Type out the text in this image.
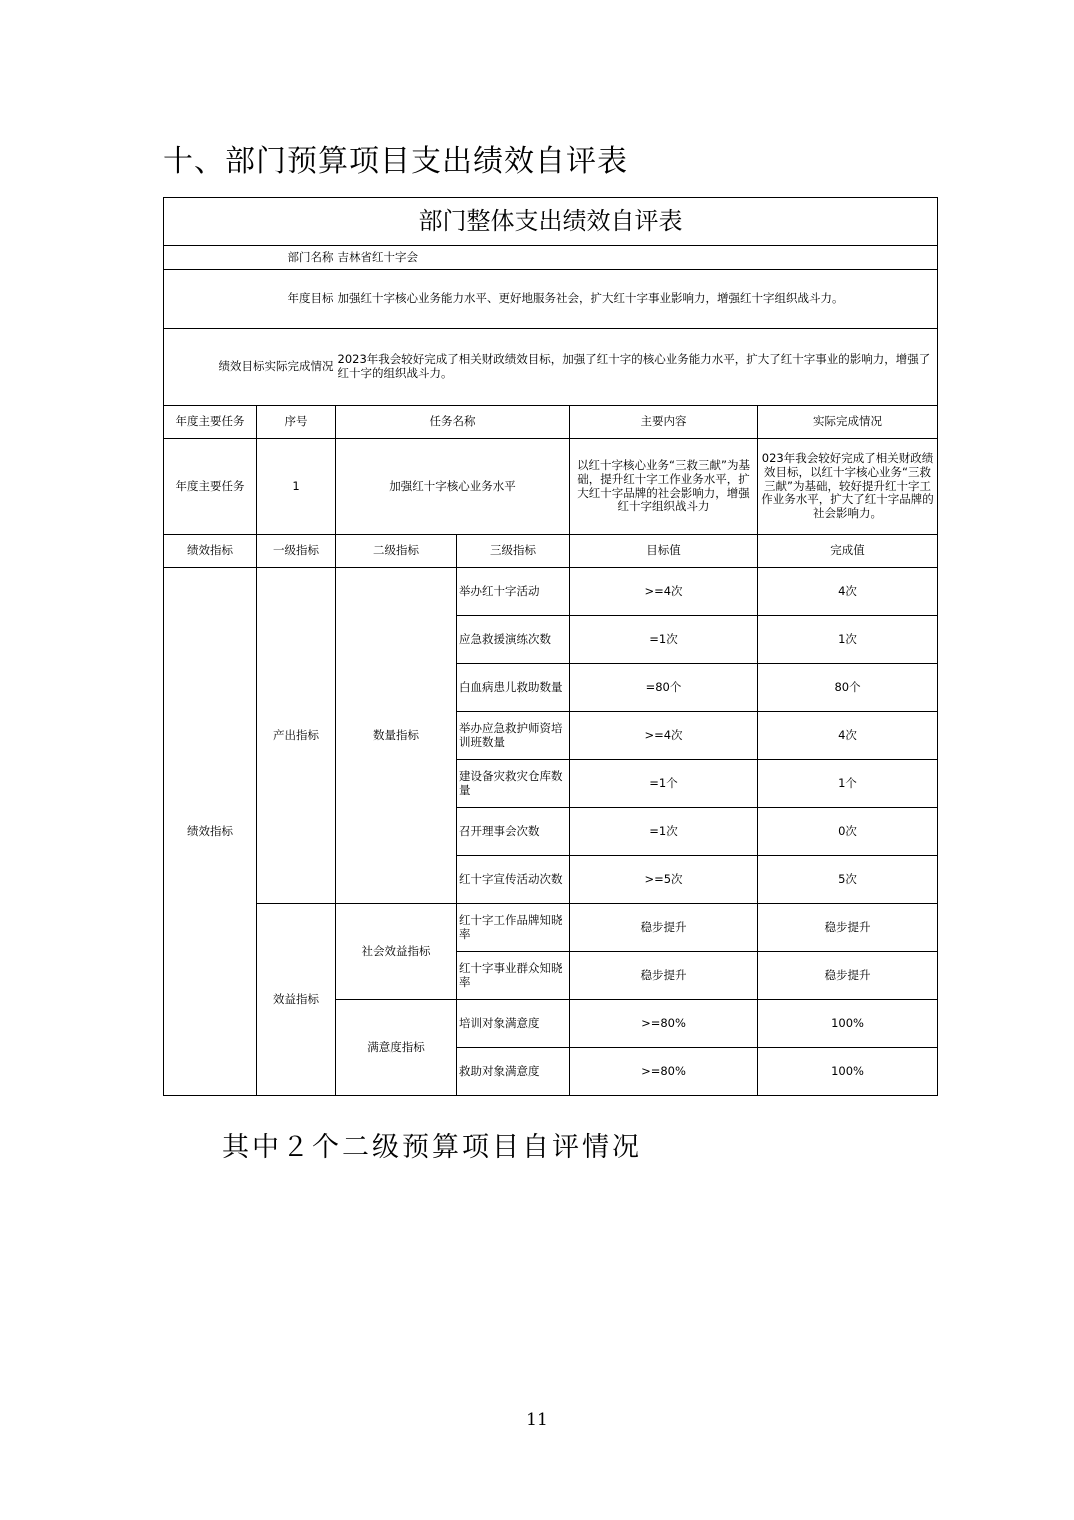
十、部门预算项目支出绩效自评表
部门整体支出绩效自评表					
部门名称		吉林省红十字会			
年度目标		加强红十字核心业务能力水平、更好地服务社会，扩大红十字事业影响力，增强红十字组织战斗力。			
绩效目标实际完成情况		2023年我会较好完成了相关财政绩效目标，加强了红十字的核心业务能力水平，扩大了红十字事业的影响力，增强了红十字的组织战斗力。			
年度主要任务	序号	任务名称		主要内容	实际完成情况
年度主要任务	1	加强红十字核心业务水平		以红十字核心业务“三救三献”为基础，提升红十字工作业务水平，扩大红十字品牌的社会影响力，增强红十字组织战斗力	023年我会较好完成了相关财政绩效目标，以红十字核心业务“三救三献”为基础，较好提升红十字工作业务水平，扩大了红十字品牌的社会影响力。
绩效指标	一级指标	二级指标	三级指标	目标值	完成值
绩效指标	产出指标	数量指标	举办红十字活动	>=4次	4次
			应急救援演练次数	=1次	1次
			白血病患儿救助数量	=80个	80个
			举办应急救护师资培训班数量	>=4次	4次
			建设备灾救灾仓库数量	=1个	1个
			召开理事会次数	=1次	0次
			红十字宣传活动次数	>=5次	5次
	效益指标	社会效益指标	红十字工作品牌知晓率	稳步提升	稳步提升
			红十字事业群众知晓率	稳步提升	稳步提升
		满意度指标	培训对象满意度	>=80%	100%
			救助对象满意度	>=80%	100%
其中２个二级预算项目自评情况
11
